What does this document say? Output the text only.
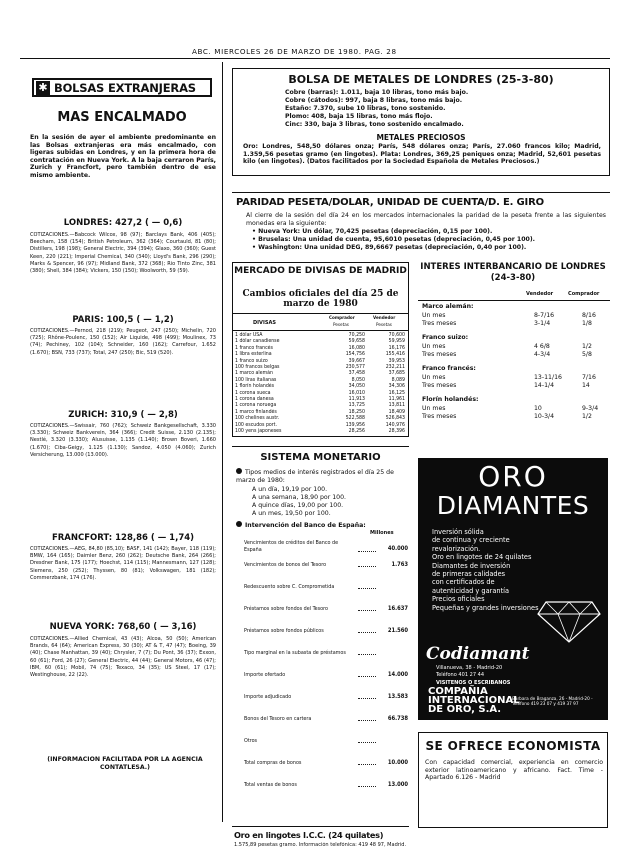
ABC. MIERCOLES 26 DE MARZO DE 1980. PAG. 28
✱ BOLSAS EXTRANJERAS
MAS ENCALMADO
En la sesión de ayer el ambiente predominante en las Bolsas extranjeras era más encalmado, con ligeras subidas en Londres, y en la primera hora de contratación en Nueva York. A la baja cerraron París, Zurich y Francfort, pero también dentro de ese mismo ambiente.
LONDRES: 427,2 ( — 0,6)
COTIZACIONES.—Babcock Wilcox, 98 (97); Barclays Bank, 406 (405); Beecham, 158 (154); British Petroleum, 362 (364); Courtauld, 81 (80); Distillers, 198 (198); General Electric, 394 (394); Glaxo, 360 (360); Guest Keen, 220 (221); Imperial Chemical, 340 (340); Lloyd's Bank, 296 (290); Marks & Spencer, 96 (97); Midland Bank, 372 (368); Rio Tinto Zinc, 381 (380); Shell, 384 (384); Vickers, 150 (150); Woolworth, 59 (59).
PARIS: 100,5 ( — 1,2)
COTIZACIONES.—Pernod, 218 (219); Peugeot, 247 (250); Michelin, 720 (725); Rhône-Poulenc, 150 (152); Air Liquide, 498 (499); Moulinex, 73 (74); Pechiney, 102 (104); Schneider, 160 (162); Carrefour, 1.652 (1.670); BSN, 733 (737); Total, 247 (250); Bic, 519 (520).
ZURICH: 310,9 ( — 2,8)
COTIZACIONES.—Swissair, 760 (762); Schweiz Bankgesellschaft, 3.330 (3.330); Schweiz Bankverein, 364 (366); Credit Suisse, 2.130 (2.135); Nestlé, 3.320 (3.330); Alusuisse, 1.135 (1.140); Brown Boveri, 1.660 (1.670); Ciba-Geigy, 1.125 (1.130); Sandoz, 4.050 (4.060); Zurich Versicherung, 13.000 (13.000).
FRANCFORT: 128,86 ( — 1,74)
COTIZACIONES.—AEG, 84,80 (85,10); BASF, 141 (142); Bayer, 118 (119); BMW, 164 (165); Daimler Benz, 260 (262); Deutsche Bank, 264 (266); Dresdner Bank, 175 (177); Hoechst, 114 (115); Mannesmann, 127 (128); Siemens, 250 (252); Thyssen, 80 (81); Volkswagen, 181 (182); Commerzbank, 174 (176).
NUEVA YORK: 768,60 ( — 3,16)
COTIZACIONES.—Allied Chemical, 43 (43); Alcoa, 50 (50); American Brands, 64 (64); American Express, 30 (30); AT & T, 47 (47); Boeing, 39 (40); Chase Manhattan, 39 (40); Chrysler, 7 (7); Du Pont, 36 (37); Exxon, 60 (61); Ford, 26 (27); General Electric, 44 (44); General Motors, 46 (47); IBM, 60 (61); Mobil, 74 (75); Texaco, 34 (35); US Steel, 17 (17); Westinghouse, 22 (22).
(INFORMACION FACILITADA POR LA AGENCIA CONTATLESA.)
BOLSA DE METALES DE LONDRES (25-3-80)
Cobre (barras): 1.011, baja 10 libras, tono más bajo.
Cobre (cátodos): 997, baja 8 libras, tono más bajo.
Estaño: 7.370, sube 10 libras, tono sostenido.
Plomo: 408, baja 15 libras, tono más flojo.
Cinc: 330, baja 3 libras, tono sostenido encalmado.
METALES PRECIOSOS
Oro: Londres, 548,50 dólares onza; París, 548 dólares onza; París, 27.060 francos kilo; Madrid, 1.359,56 pesetas gramo (en lingotes). Plata: Londres, 369,25 peniques onza; Madrid, 52,601 pesetas kilo (en lingotes). (Datos facilitados por la Sociedad Española de Metales Preciosos.)
PARIDAD PESETA/DOLAR, UNIDAD DE CUENTA/D. E. GIRO
Al cierre de la sesión del día 24 en los mercados internacionales la paridad de la peseta frente a las siguientes monedas era la siguiente:
• Nueva York: Un dólar, 70,425 pesetas (depreciación, 0,15 por 100).
• Bruselas: Una unidad de cuenta, 95,6010 pesetas (depreciación, 0,45 por 100).
• Washington: Una unidad DEG, 89,6667 pesetas (depreciación, 0,40 por 100).
MERCADO DE DIVISAS DE MADRID
Cambios oficiales del día 25 de marzo de 1980
DIVISAS
Comprador	Vendedor
Pesetas	Pesetas
1 dólar USA	70,250	70,600
1 dólar canadiense	59,658	59,959
1 franco francés	16,080	16,176
1 libra esterlina	154,756	155,416
1 franco suizo	39,667	39,953
100 francos belgas	230,577	232,211
1 marco alemán	37,458	37,685
100 liras italianas	8,050	8,089
1 florín holandés	34,050	34,306
1 corona sueca	16,010	16,125
1 corona danesa	11,913	11,961
1 corona noruega	13,725	13,811
1 marco finlandés	18,250	18,409
100 chelines austr.	522,588	526,843
100 escudos port.	139,956	140,976
100 yens japoneses	28,256	28,396
INTERES INTERBANCARIO DE LONDRES (24-3-80)
Vendedor	Comprador
Marco alemán:
Un mes	8-7/16	8/16
Tres meses	3-1/4	1/8
Franco suizo:
Un mes	4 6/8	1/2
Tres meses	4-3/4	5/8
Franco francés:
Un mes	13-11/16	7/16
Tres meses	14-1/4	14
Florín holandés:
Un mes	10	9-3/4
Tres meses	10-3/4	1/2
SISTEMA MONETARIO
Tipos medios de interés registrados el día 25 de marzo de 1980:
A un día, 19,19 por 100.
A una semana, 18,90 por 100.
A quince días, 19,00 por 100.
A un mes, 19,50 por 100.
Intervención del Banco de España:
Millones
Vencimientos de créditos del Banco de España	40.000
Vencimientos de bonos del Tesoro	1.763
Redescuento sobre C. Comprometida
Préstamos sobre fondos del Tesoro	16.637
Préstamos sobre fondos públicos	21.560
Tipo marginal en la subasta de préstamos
Importe ofertado	14.000
Importe adjudicado	13.583
Bonos del Tesoro en cartera	66.738
Otros
Total compras de bonos	10.000
Total ventas de bonos	13.000
Oro en lingotes I.C.C. (24 quilates)
1.575,89 pesetas gramo. Información telefónica: 419 48 97, Madrid.
ORO
DIAMANTES
Inversión sólida
de continua y creciente
revalorización.
Oro en lingotes de 24 quilates
Diamantes de inversión
de primeras calidades
con certificados de
autenticidad y garantía
Precios oficiales
Pequeñas y grandes inversiones
Codiamant
Villanueva, 38 - Madrid-20
Teléfono 401 27 44
VISITENOS O ESCRIBANOS
COMPAÑIA
INTERNACIONAL
DE ORO, S.A.
Bárbara de Braganza, 26 - Madrid-20 - Teléfono 419 23 07 y 419 37 97
SE OFRECE ECONOMISTA
Con capacidad comercial, experiencia en comercio exterior latinoamericano y africano. Fact. Time - Apartado 6.126 - Madrid
